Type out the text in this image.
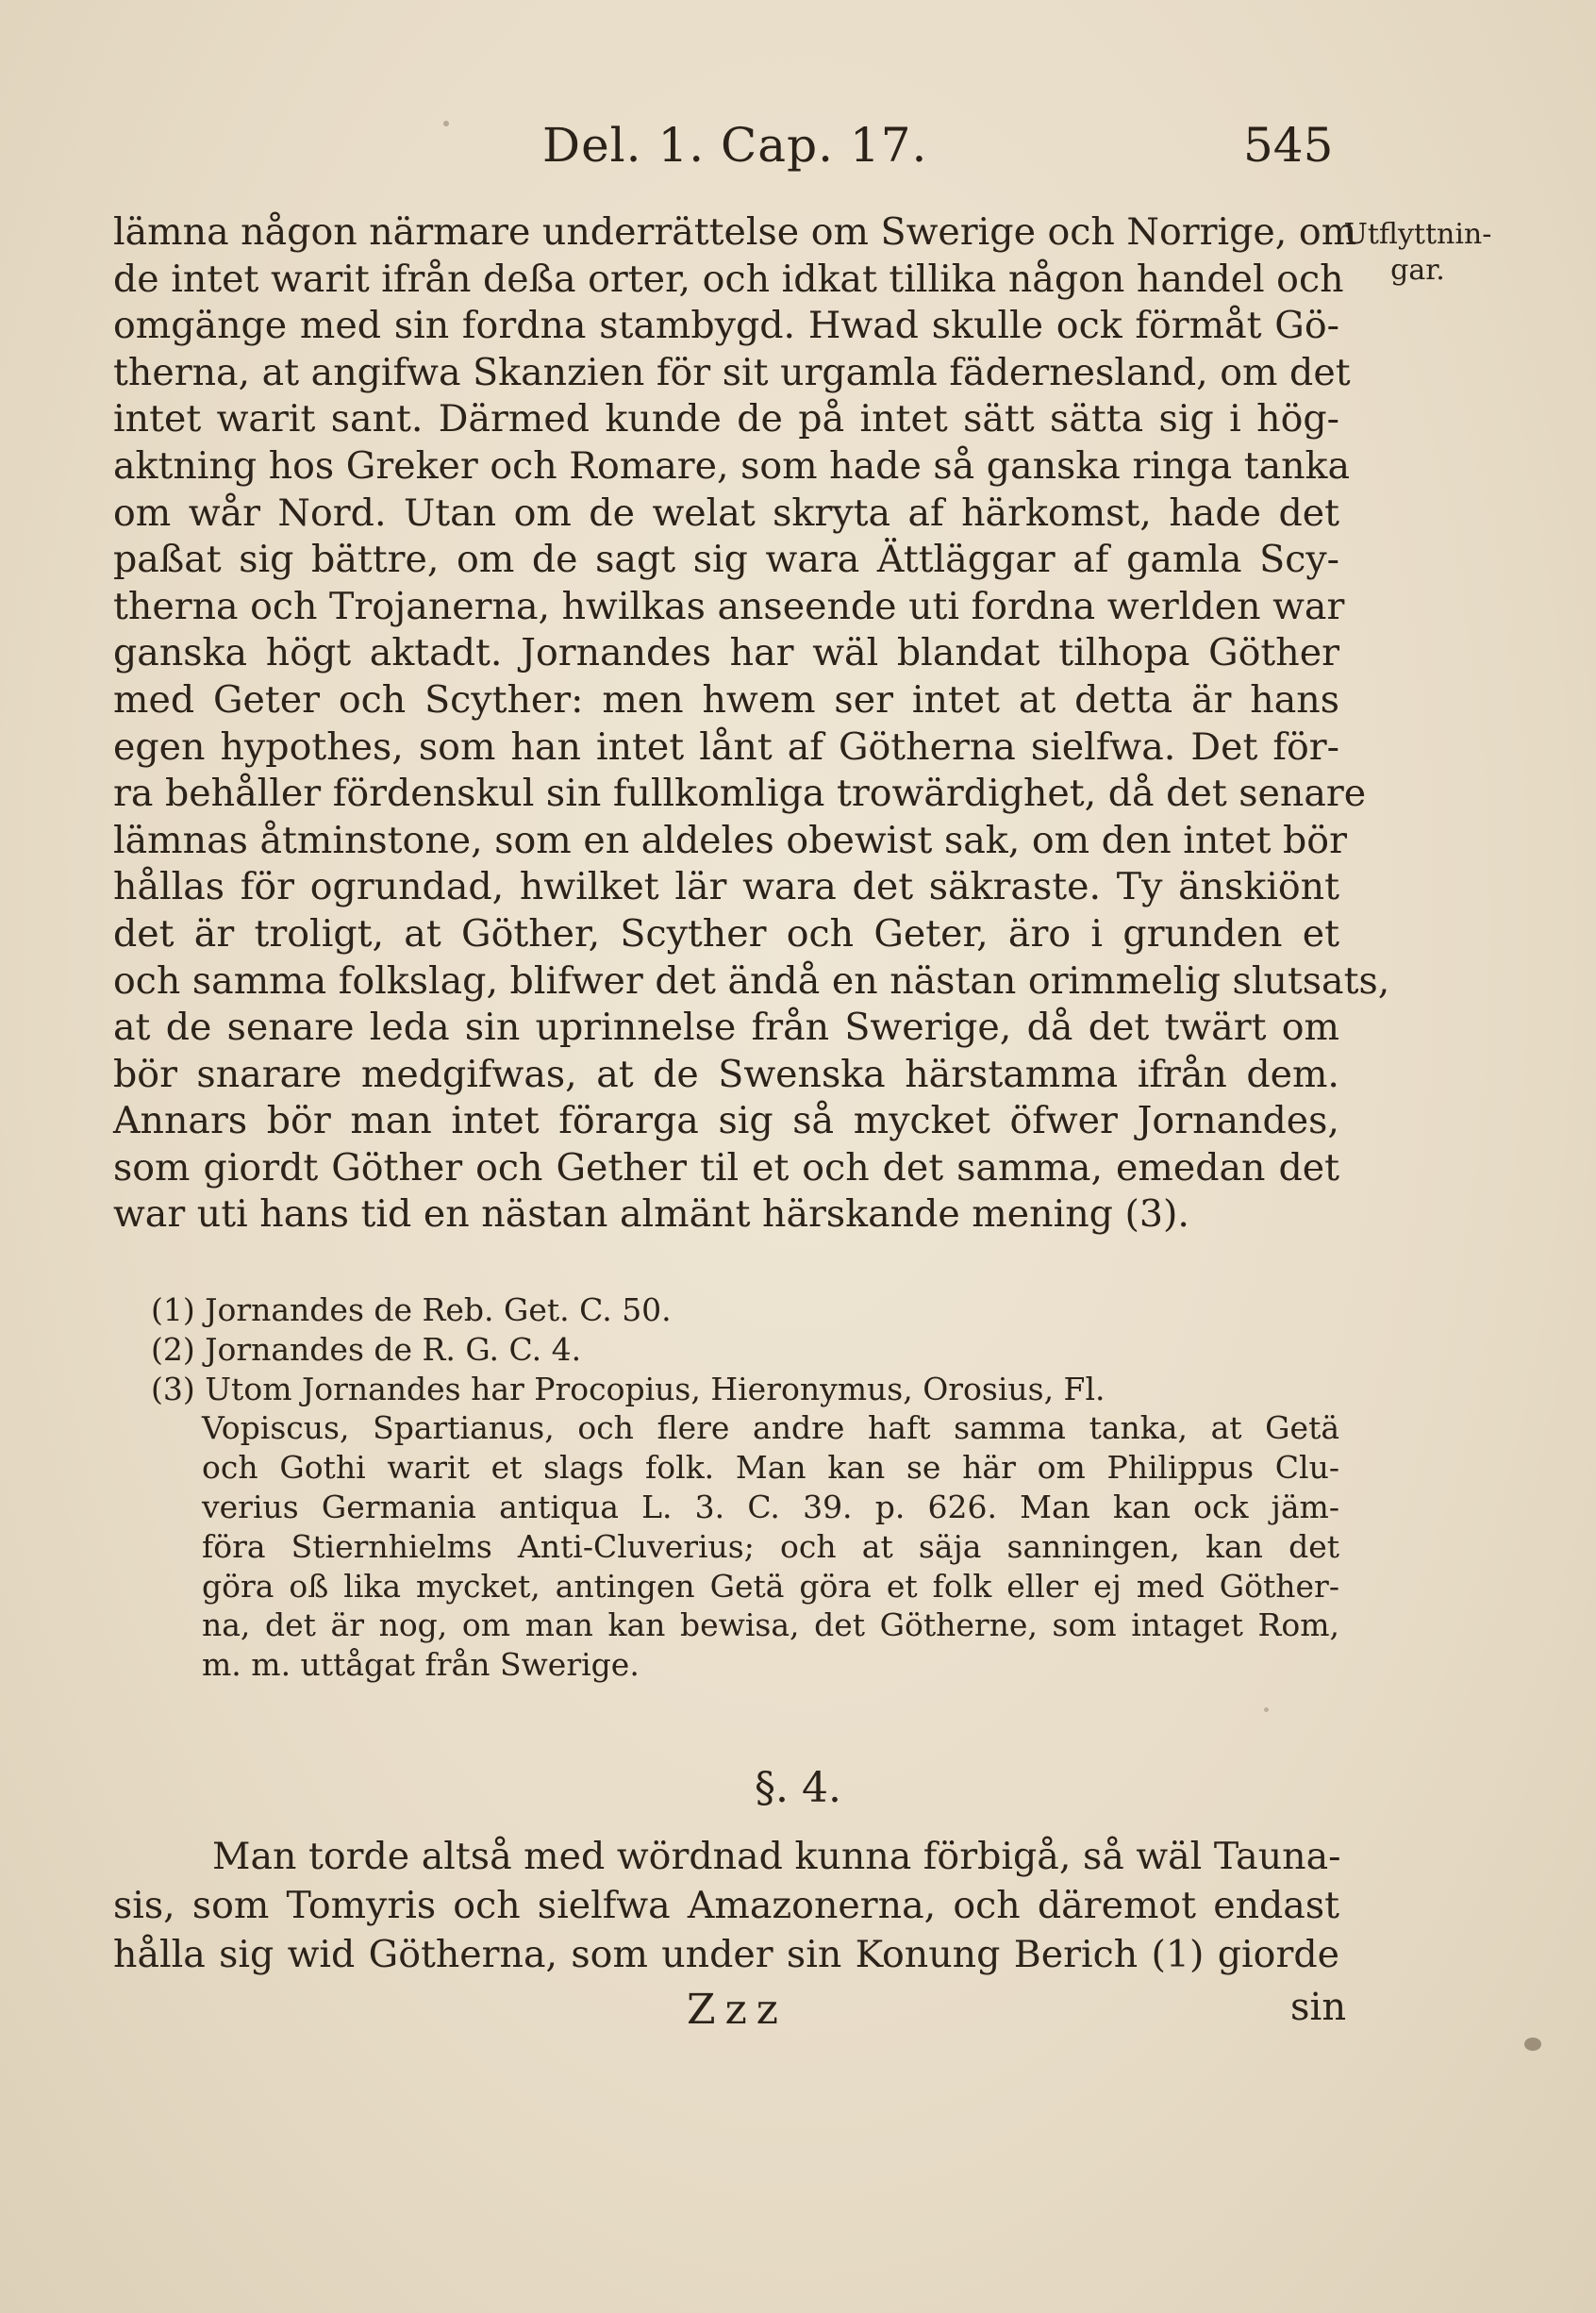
Del. 1. Cap. 17.	545
Utflyttnin-
gar.
lämna någon närmare underrättelse om Swerige och Norrige, om
de intet warit ifrån deßa orter, och idkat tillika någon handel och
omgänge med sin fordna stambygd. Hwad skulle ock förmåt Gö-
therna, at angifwa Skanzien för sit urgamla fädernesland, om det
intet warit sant. Därmed kunde de på intet sätt sätta sig i hög-
aktning hos Greker och Romare, som hade så ganska ringa tanka
om wår Nord. Utan om de welat skryta af härkomst, hade det
paßat sig bättre, om de sagt sig wara Ättläggar af gamla Scy-
therna och Trojanerna, hwilkas anseende uti fordna werlden war
ganska högt aktadt. Jornandes har wäl blandat tilhopa Göther
med Geter och Scyther: men hwem ser intet at detta är hans
egen hypothes, som han intet lånt af Götherna sielfwa. Det för-
ra behåller fördenskul sin fullkomliga trowärdighet, då det senare
lämnas åtminstone, som en aldeles obewist sak, om den intet bör
hållas för ogrundad, hwilket lär wara det säkraste. Ty änskiönt
det är troligt, at Göther, Scyther och Geter, äro i grunden et
och samma folkslag, blifwer det ändå en nästan orimmelig slutsats,
at de senare leda sin uprinnelse från Swerige, då det twärt om
bör snarare medgifwas, at de Swenska härstamma ifrån dem.
Annars bör man intet förarga sig så mycket öfwer Jornandes,
som giordt Göther och Gether til et och det samma, emedan det
war uti hans tid en nästan almänt härskande mening (3).
(1) Jornandes de Reb. Get. C. 50.
(2) Jornandes de R. G. C. 4.
(3) Utom Jornandes har Procopius, Hieronymus, Orosius, Fl.
Vopiscus, Spartianus, och flere andre haft samma tanka, at Getä
och Gothi warit et slags folk. Man kan se här om Philippus Clu-
verius Germania antiqua L. 3. C. 39. p. 626. Man kan ock jäm-
föra Stiernhielms Anti-Cluverius; och at säja sanningen, kan det
göra oß lika mycket, antingen Getä göra et folk eller ej med Göther-
na, det är nog, om man kan bewisa, det Götherne, som intaget Rom,
m. m. uttågat från Swerige.
§. 4.
Man torde altså med wördnad kunna förbigå, så wäl Tauna-
sis, som Tomyris och sielfwa Amazonerna, och däremot endast
hålla sig wid Götherna, som under sin Konung Berich (1) giorde
Zzz	sin
